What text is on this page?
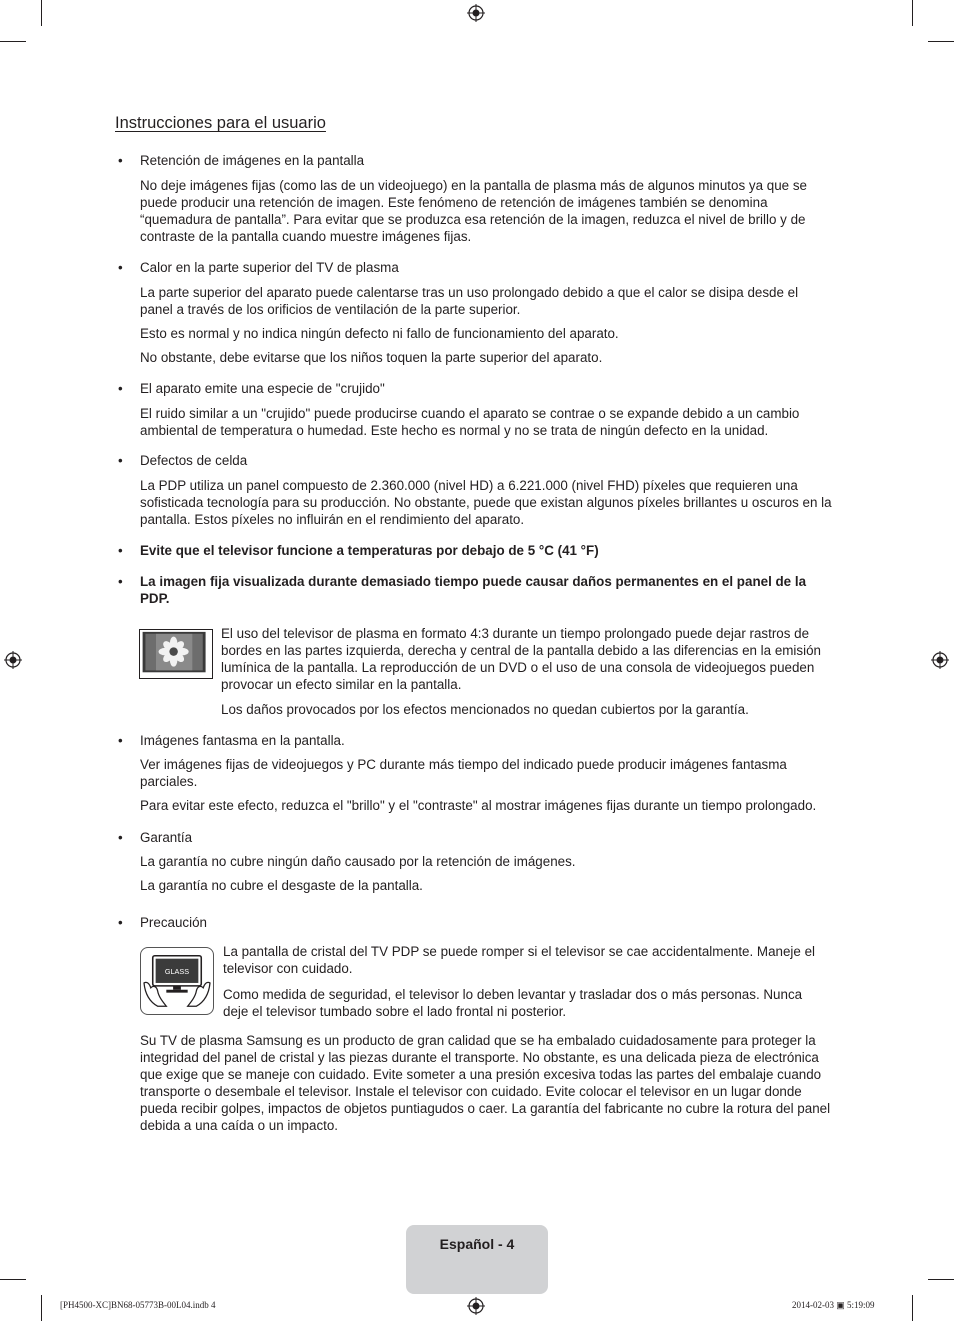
Instrucciones para el usuario
• Retención de imágenes en la pantalla

No deje imágenes fijas (como las de un videojuego) en la pantalla de plasma más de algunos minutos ya que se puede producir una retención de imagen. Este fenómeno de retención de imágenes también se denomina “quemadura de pantalla”. Para evitar que se produzca esa retención de la imagen, reduzca el nivel de brillo y de contraste de la pantalla cuando muestre imágenes fijas.

• Calor en la parte superior del TV de plasma

La parte superior del aparato puede calentarse tras un uso prolongado debido a que el calor se disipa desde el panel a través de los orificios de ventilación de la parte superior.

Esto es normal y no indica ningún defecto ni fallo de funcionamiento del aparato.

No obstante, debe evitarse que los niños toquen la parte superior del aparato.

• El aparato emite una especie de "crujido"

El ruido similar a un "crujido" puede producirse cuando el aparato se contrae o se expande debido a un cambio ambiental de temperatura o humedad. Este hecho es normal y no se trata de ningún defecto en la unidad.

• Defectos de celda

La PDP utiliza un panel compuesto de 2.360.000 (nivel HD) a 6.221.000 (nivel FHD) píxeles que requieren una sofisticada tecnología para su producción. No obstante, puede que existan algunos píxeles brillantes u oscuros en la pantalla. Estos píxeles no influirán en el rendimiento del aparato.

• Evite que el televisor funcione a temperaturas por debajo de 5 °C (41 °F)
• La imagen fija visualizada durante demasiado tiempo puede causar daños permanentes en el panel de la PDP.

El uso del televisor de plasma en formato 4:3 durante un tiempo prolongado puede dejar rastros de bordes en las partes izquierda, derecha y central de la pantalla debido a las diferencias en la emisión lumínica de la pantalla. La reproducción de un DVD o el uso de una consola de videojuegos pueden provocar un efecto similar en la pantalla.

Los daños provocados por los efectos mencionados no quedan cubiertos por la garantía.

• Imágenes fantasma en la pantalla.

Ver imágenes fijas de videojuegos y PC durante más tiempo del indicado puede producir imágenes fantasma parciales.

Para evitar este efecto, reduzca el "brillo" y el "contraste" al mostrar imágenes fijas durante un tiempo prolongado.

• Garantía

La garantía no cubre ningún daño causado por la retención de imágenes.

La garantía no cubre el desgaste de la pantalla.

• Precaución
GLASS

La pantalla de cristal del TV PDP se puede romper si el televisor se cae accidentalmente. Maneje el televisor con cuidado.

Como medida de seguridad, el televisor lo deben levantar y trasladar dos o más personas. Nunca deje el televisor tumbado sobre el lado frontal ni posterior.

Su TV de plasma Samsung es un producto de gran calidad que se ha embalado cuidadosamente para proteger la integridad del panel de cristal y las piezas durante el transporte. No obstante, es una delicada pieza de electrónica que exige que se maneje con cuidado. Evite someter a una presión excesiva todas las partes del embalaje cuando transporte o desembale el televisor. Instale el televisor con cuidado. Evite colocar el televisor en un lugar donde pueda recibir golpes, impactos de objetos puntiagudos o caer. La garantía del fabricante no cubre la rotura del panel debida a una caída o un impacto.

Español - 4
[PH4500-XC]BN68-05773B-00L04.indb 4	2014-02-03 ▣ 5:19:09
